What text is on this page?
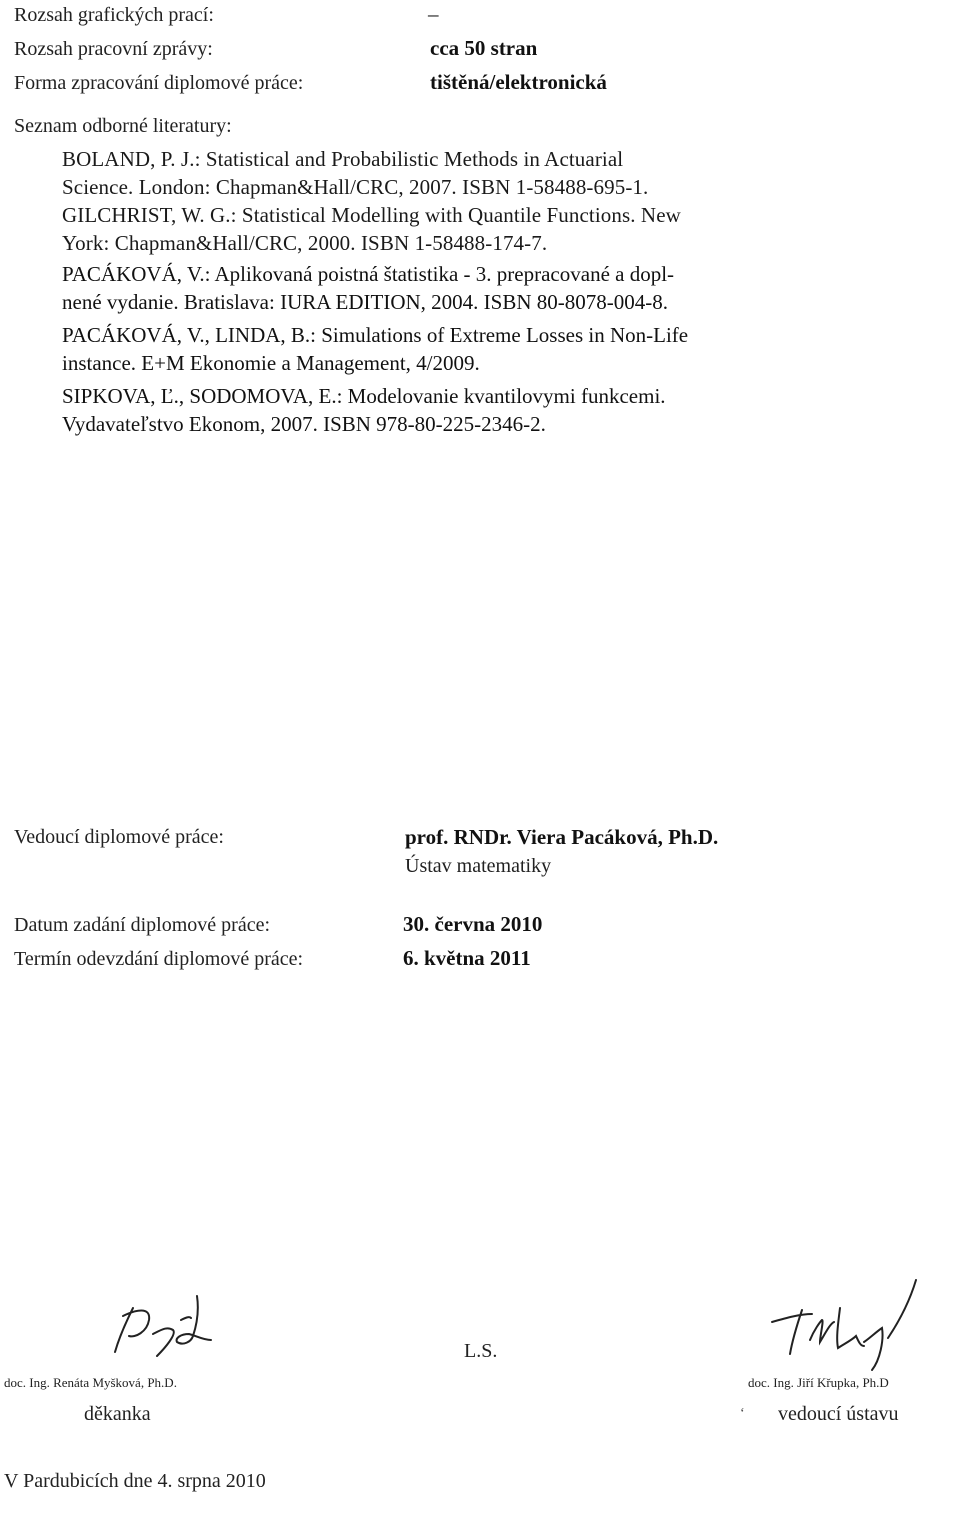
Rozsah grafických prací:	–
Rozsah pracovní zprávy:	cca 50 stran
Forma zpracování diplomové práce:	tištěná/elektronická
Seznam odborné literatury:
BOLAND, P. J.: Statistical and Probabilistic Methods in Actuarial
Science. London: Chapman&Hall/CRC, 2007. ISBN 1-58488-695-1.
GILCHRIST, W. G.: Statistical Modelling with Quantile Functions. New
York: Chapman&Hall/CRC, 2000. ISBN 1-58488-174-7.
PACÁKOVÁ, V.: Aplikovaná poistná štatistika - 3. prepracované a dopl-
nené vydanie. Bratislava: IURA EDITION, 2004. ISBN 80-8078-004-8.
PACÁKOVÁ, V., LINDA, B.: Simulations of Extreme Losses in Non-Life
instance. E+M Ekonomie a Management, 4/2009.
SIPKOVA, Ľ., SODOMOVA, E.: Modelovanie kvantilovymi funkcemi.
Vydavateľstvo Ekonom, 2007. ISBN 978-80-225-2346-2.
Vedoucí diplomové práce:	prof. RNDr. Viera Pacáková, Ph.D.
Ústav matematiky
Datum zadání diplomové práce:	30. června 2010
Termín odevzdání diplomové práce:	6. května 2011
doc. Ing. Renáta Myšková, Ph.D.
děkanka
L.S.
doc. Ing. Jiří Křupka, Ph.D
ʻ vedoucí ústavu
V Pardubicích dne 4. srpna 2010
